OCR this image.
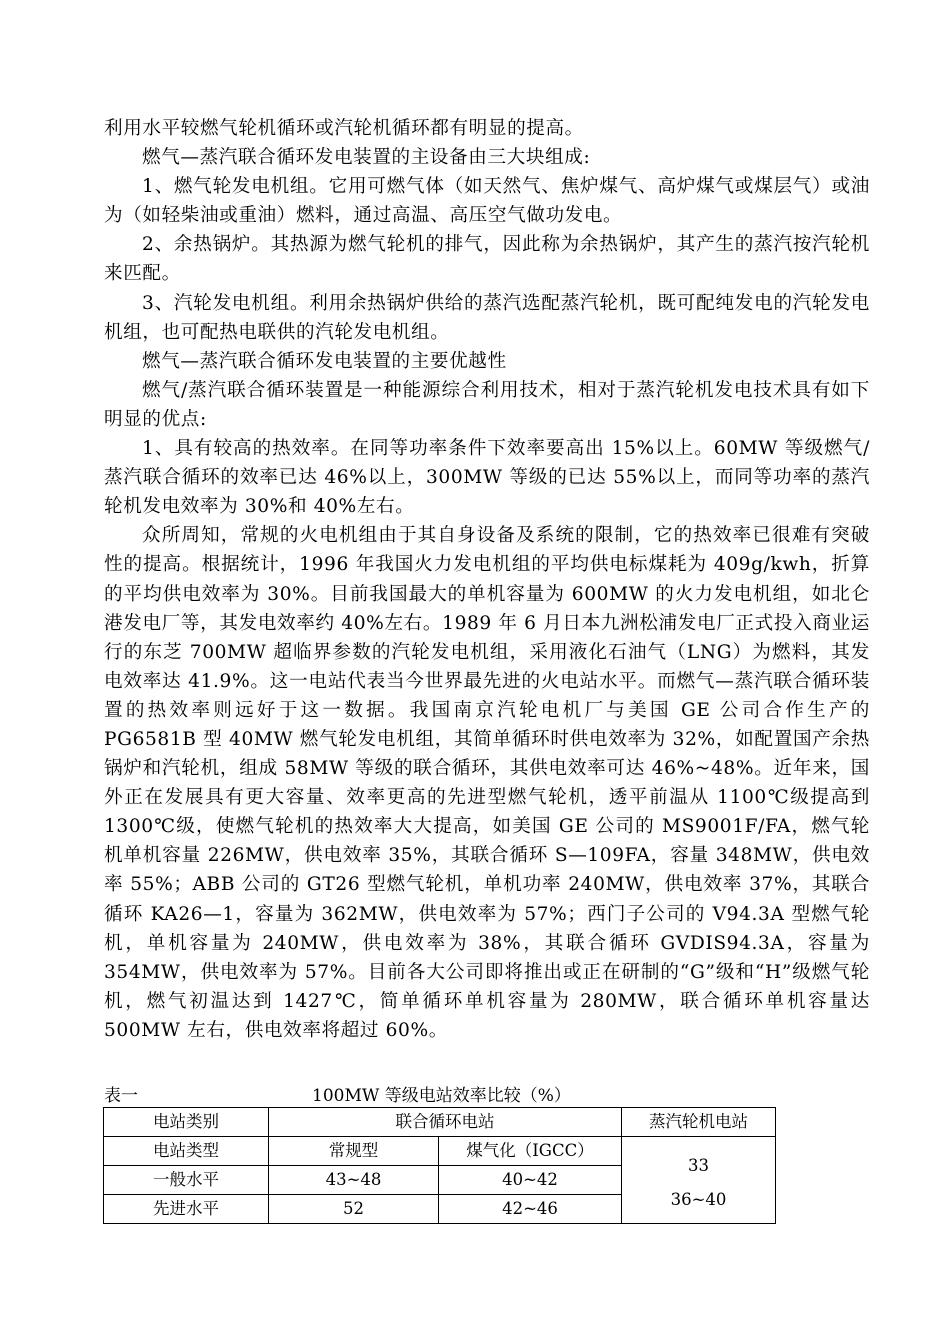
利用水平较燃气轮机循环或汽轮机循环都有明显的提高。

燃气—蒸汽联合循环发电装置的主设备由三大块组成:

1、燃气轮发电机组。它用可燃气体（如天然气、焦炉煤气、高炉煤气或煤层气）或油为（如轻柴油或重油）燃料，通过高温、高压空气做功发电。

2、余热锅炉。其热源为燃气轮机的排气，因此称为余热锅炉，其产生的蒸汽按汽轮机来匹配。

3、汽轮发电机组。利用余热锅炉供给的蒸汽选配蒸汽轮机，既可配纯发电的汽轮发电机组，也可配热电联供的汽轮发电机组。

燃气—蒸汽联合循环发电装置的主要优越性

燃气/蒸汽联合循环装置是一种能源综合利用技术，相对于蒸汽轮机发电技术具有如下明显的优点:

1、具有较高的热效率。在同等功率条件下效率要高出 15%以上。60MW 等级燃气/蒸汽联合循环的效率已达 46%以上，300MW 等级的已达 55%以上，而同等功率的蒸汽轮机发电效率为 30%和 40%左右。

众所周知，常规的火电机组由于其自身设备及系统的限制，它的热效率已很难有突破性的提高。根据统计，1996 年我国火力发电机组的平均供电标煤耗为 409g/kwh，折算的平均供电效率为 30%。目前我国最大的单机容量为 600MW 的火力发电机组，如北仑港发电厂等，其发电效率约 40%左右。1989 年 6 月日本九洲松浦发电厂正式投入商业运行的东芝 700MW 超临界参数的汽轮发电机组，采用液化石油气（LNG）为燃料，其发电效率达 41.9%。这一电站代表当今世界最先进的火电站水平。而燃气—蒸汽联合循环装置的热效率则远好于这一数据。我国南京汽轮电机厂与美国 GE 公司合作生产的 PG6581B 型 40MW 燃气轮发电机组，其简单循环时供电效率为 32%，如配置国产余热锅炉和汽轮机，组成 58MW 等级的联合循环，其供电效率可达 46%~48%。近年来，国外正在发展具有更大容量、效率更高的先进型燃气轮机，透平前温从 1100℃级提高到 1300℃级，使燃气轮机的热效率大大提高，如美国 GE 公司的 MS9001F/FA，燃气轮机单机容量 226MW，供电效率 35%，其联合循环 S—109FA，容量 348MW，供电效率 55%；ABB 公司的 GT26 型燃气轮机，单机功率 240MW，供电效率 37%，其联合循环 KA26—1，容量为 362MW，供电效率为 57%；西门子公司的 V94.3A 型燃气轮机，单机容量为 240MW，供电效率为 38%，其联合循环 GVDIS94.3A，容量为 354MW，供电效率为 57%。目前各大公司即将推出或正在研制的“G”级和“H”级燃气轮机，燃气初温达到 1427℃，简单循环单机容量为 280MW，联合循环单机容量达 500MW 左右，供电效率将超过 60%。

表一	100MW 等级电站效率比较（%）
电站类别	联合循环电站		蒸汽轮机电站
电站类型	常规型	煤气化（IGCC）	33
36~40

一般水平	43~48	40~42	
先进水平	52	42~46	
